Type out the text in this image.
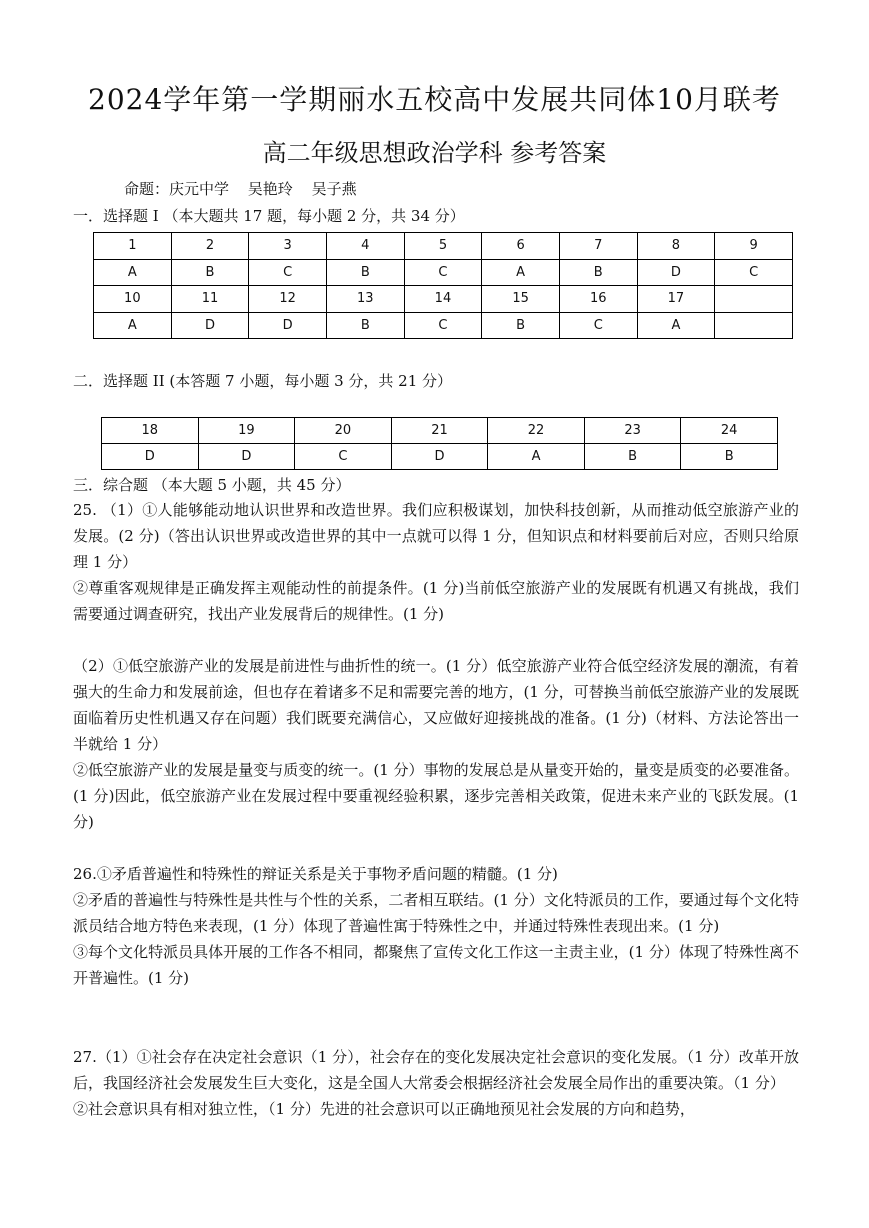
2024学年第一学期丽水五校高中发展共同体10月联考
高二年级思想政治学科 参考答案
命题：庆元中学 吴艳玲 吴子燕
一．选择题 I （本大题共 17 题，每小题 2 分，共 34 分）
1	2	3	4	5	6	7	8	9
A	B	C	B	C	A	B	D	C
10	11	12	13	14	15	16	17	
A	D	D	B	C	B	C	A	
二．选择题 II (本答题 7 小题，每小题 3 分，共 21 分）
18	19	20	21	22	23	24
D	D	C	D	A	B	B
三．综合题 （本大题 5 小题，共 45 分）

25. （1）①人能够能动地认识世界和改造世界。我们应积极谋划，加快科技创新，从而推动低空旅游产业的发展。(2 分)（答出认识世界或改造世界的其中一点就可以得 1 分，但知识点和材料要前后对应，否则只给原理 1 分）

②尊重客观规律是正确发挥主观能动性的前提条件。(1 分)当前低空旅游产业的发展既有机遇又有挑战，我们需要通过调查研究，找出产业发展背后的规律性。(1 分)

（2）①低空旅游产业的发展是前进性与曲折性的统一。(1 分）低空旅游产业符合低空经济发展的潮流，有着强大的生命力和发展前途，但也存在着诸多不足和需要完善的地方，(1 分，可替换当前低空旅游产业的发展既面临着历史性机遇又存在问题）我们既要充满信心，又应做好迎接挑战的准备。(1 分)（材料、方法论答出一半就给 1 分）

②低空旅游产业的发展是量变与质变的统一。(1 分）事物的发展总是从量变开始的，量变是质变的必要准备。(1 分)因此，低空旅游产业在发展过程中要重视经验积累，逐步完善相关政策，促进未来产业的飞跃发展。(1 分)

26.①矛盾普遍性和特殊性的辩证关系是关于事物矛盾问题的精髓。(1 分)

②矛盾的普遍性与特殊性是共性与个性的关系，二者相互联结。(1 分）文化特派员的工作，要通过每个文化特派员结合地方特色来表现，(1 分）体现了普遍性寓于特殊性之中，并通过特殊性表现出来。(1 分)

③每个文化特派员具体开展的工作各不相同，都聚焦了宣传文化工作这一主责主业，(1 分）体现了特殊性离不开普遍性。(1 分)

27.（1）①社会存在决定社会意识（1 分），社会存在的变化发展决定社会意识的变化发展。（1 分）改革开放后，我国经济社会发展发生巨大变化，这是全国人大常委会根据经济社会发展全局作出的重要决策。（1 分）

②社会意识具有相对独立性，（1 分）先进的社会意识可以正确地预见社会发展的方向和趋势，
